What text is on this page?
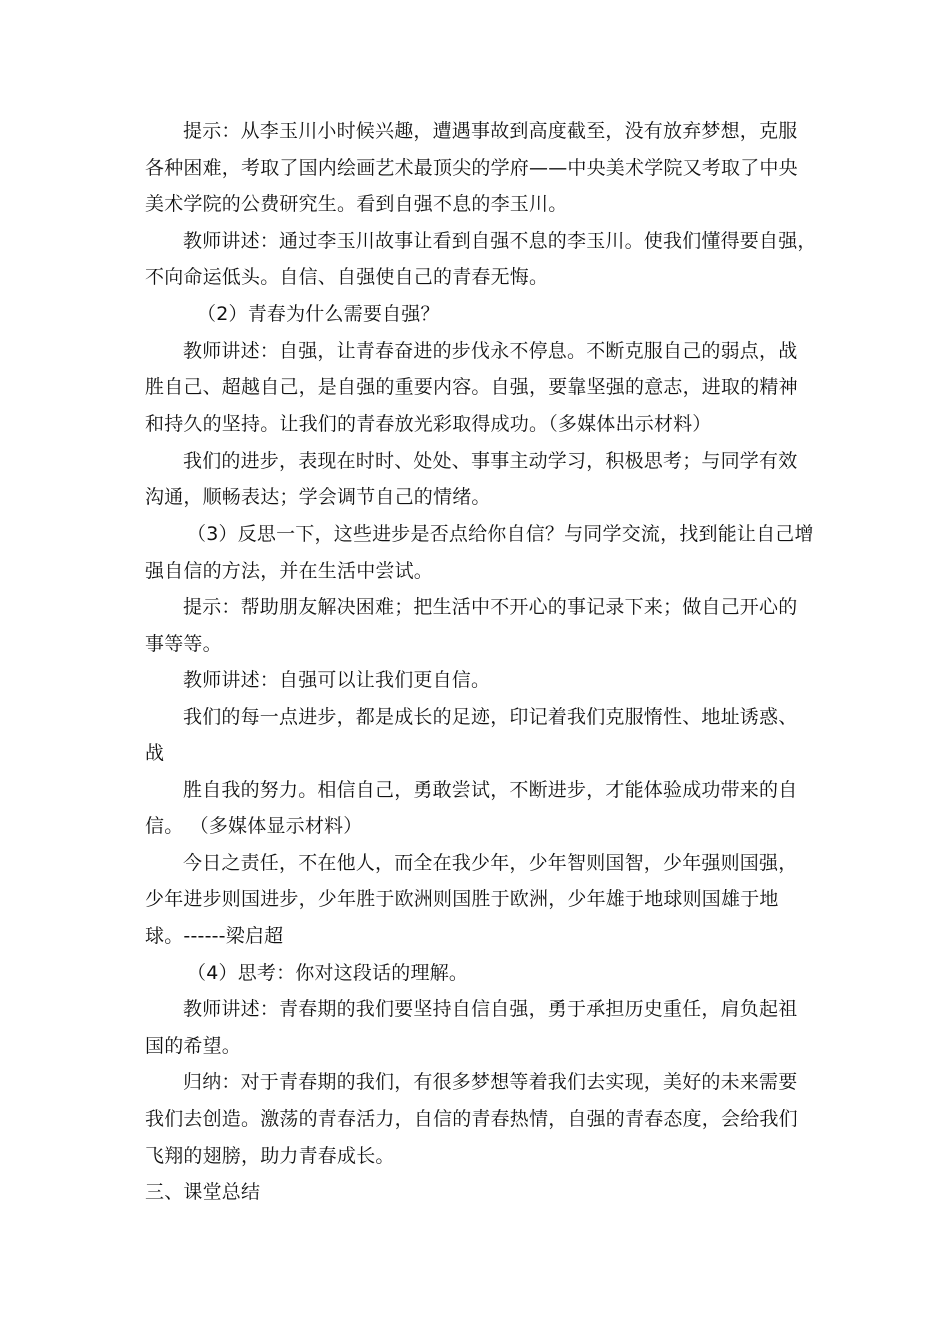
提示：从李玉川小时候兴趣，遭遇事故到高度截至，没有放弃梦想，克服
各种困难，考取了国内绘画艺术最顶尖的学府——中央美术学院又考取了中央
美术学院的公费研究生。看到自强不息的李玉川。
教师讲述：通过李玉川故事让看到自强不息的李玉川。使我们懂得要自强，
不向命运低头。自信、自强使自己的青春无悔。
（2）青春为什么需要自强？
教师讲述：自强，让青春奋进的步伐永不停息。不断克服自己的弱点，战
胜自己、超越自己，是自强的重要内容。自强，要靠坚强的意志，进取的精神
和持久的坚持。让我们的青春放光彩取得成功。（多媒体出示材料）
我们的进步，表现在时时、处处、事事主动学习，积极思考；与同学有效
沟通，顺畅表达；学会调节自己的情绪。
（3）反思一下，这些进步是否点给你自信？与同学交流，找到能让自己增
强自信的方法，并在生活中尝试。
提示：帮助朋友解决困难；把生活中不开心的事记录下来；做自己开心的
事等等。
教师讲述：自强可以让我们更自信。
我们的每一点进步，都是成长的足迹，印记着我们克服惰性、地址诱惑、
战
胜自我的努力。相信自己，勇敢尝试，不断进步，才能体验成功带来的自
信。 （多媒体显示材料）
今日之责任，不在他人，而全在我少年，少年智则国智，少年强则国强，
少年进步则国进步，少年胜于欧洲则国胜于欧洲，少年雄于地球则国雄于地
球。------梁启超
（4）思考：你对这段话的理解。
教师讲述：青春期的我们要坚持自信自强，勇于承担历史重任，肩负起祖
国的希望。
归纳：对于青春期的我们，有很多梦想等着我们去实现，美好的未来需要
我们去创造。激荡的青春活力，自信的青春热情，自强的青春态度，会给我们
飞翔的翅膀，助力青春成长。
三、课堂总结
